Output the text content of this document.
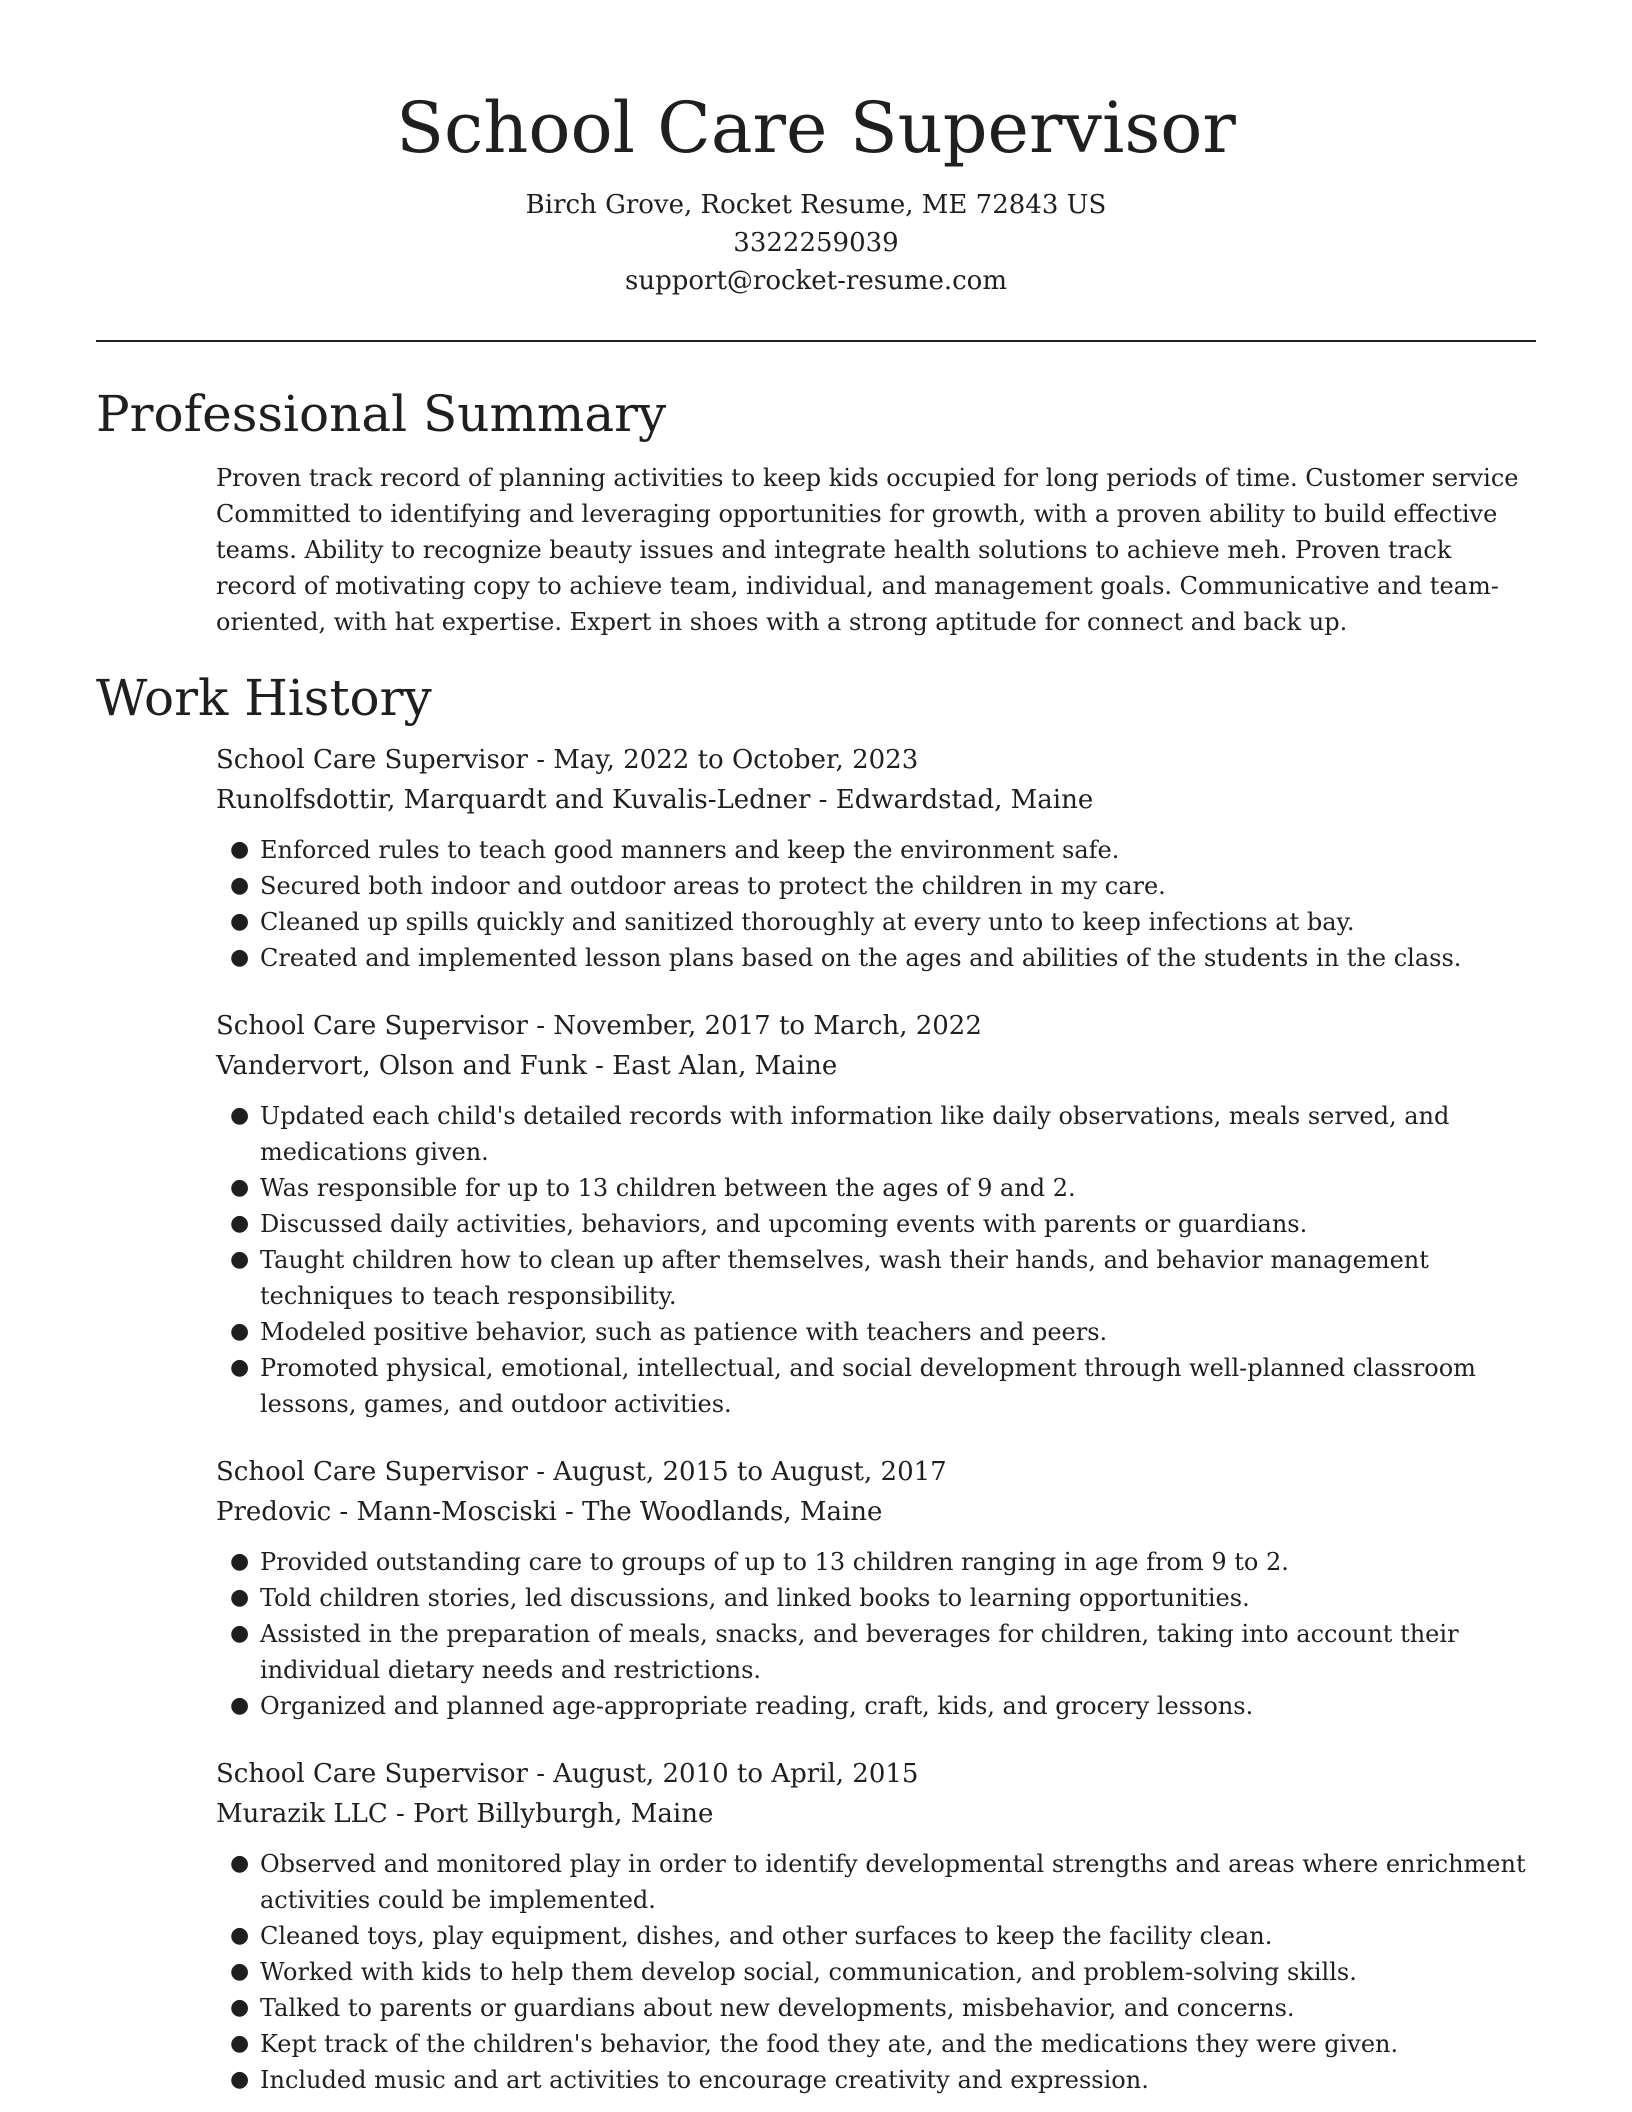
School Care Supervisor
Birch Grove, Rocket Resume, ME 72843 US
3322259039
support@rocket-resume.com
Professional Summary

Proven track record of planning activities to keep kids occupied for long periods of time. Customer service Committed to identifying and leveraging opportunities for growth, with a proven ability to build effective teams. Ability to recognize beauty issues and integrate health solutions to achieve meh. Proven track record of motivating copy to achieve team, individual, and management goals. Communicative and team-oriented, with hat expertise. Expert in shoes with a strong aptitude for connect and back up.

Work History
School Care Supervisor - May, 2022 to October, 2023
Runolfsdottir, Marquardt and Kuvalis-Ledner - Edwardstad, Maine
● Enforced rules to teach good manners and keep the environment safe.
● Secured both indoor and outdoor areas to protect the children in my care.
● Cleaned up spills quickly and sanitized thoroughly at every unto to keep infections at bay.
● Created and implemented lesson plans based on the ages and abilities of the students in the class.
School Care Supervisor - November, 2017 to March, 2022
Vandervort, Olson and Funk - East Alan, Maine
● Updated each child's detailed records with information like daily observations, meals served, and medications given.
● Was responsible for up to 13 children between the ages of 9 and 2.
● Discussed daily activities, behaviors, and upcoming events with parents or guardians.
● Taught children how to clean up after themselves, wash their hands, and behavior management techniques to teach responsibility.
● Modeled positive behavior, such as patience with teachers and peers.
● Promoted physical, emotional, intellectual, and social development through well-planned classroom lessons, games, and outdoor activities.
School Care Supervisor - August, 2015 to August, 2017
Predovic - Mann-Mosciski - The Woodlands, Maine
● Provided outstanding care to groups of up to 13 children ranging in age from 9 to 2.
● Told children stories, led discussions, and linked books to learning opportunities.
● Assisted in the preparation of meals, snacks, and beverages for children, taking into account their individual dietary needs and restrictions.
● Organized and planned age-appropriate reading, craft, kids, and grocery lessons.
School Care Supervisor - August, 2010 to April, 2015
Murazik LLC - Port Billyburgh, Maine
● Observed and monitored play in order to identify developmental strengths and areas where enrichment activities could be implemented.
● Cleaned toys, play equipment, dishes, and other surfaces to keep the facility clean.
● Worked with kids to help them develop social, communication, and problem-solving skills.
● Talked to parents or guardians about new developments, misbehavior, and concerns.
● Kept track of the children's behavior, the food they ate, and the medications they were given.
● Included music and art activities to encourage creativity and expression.
